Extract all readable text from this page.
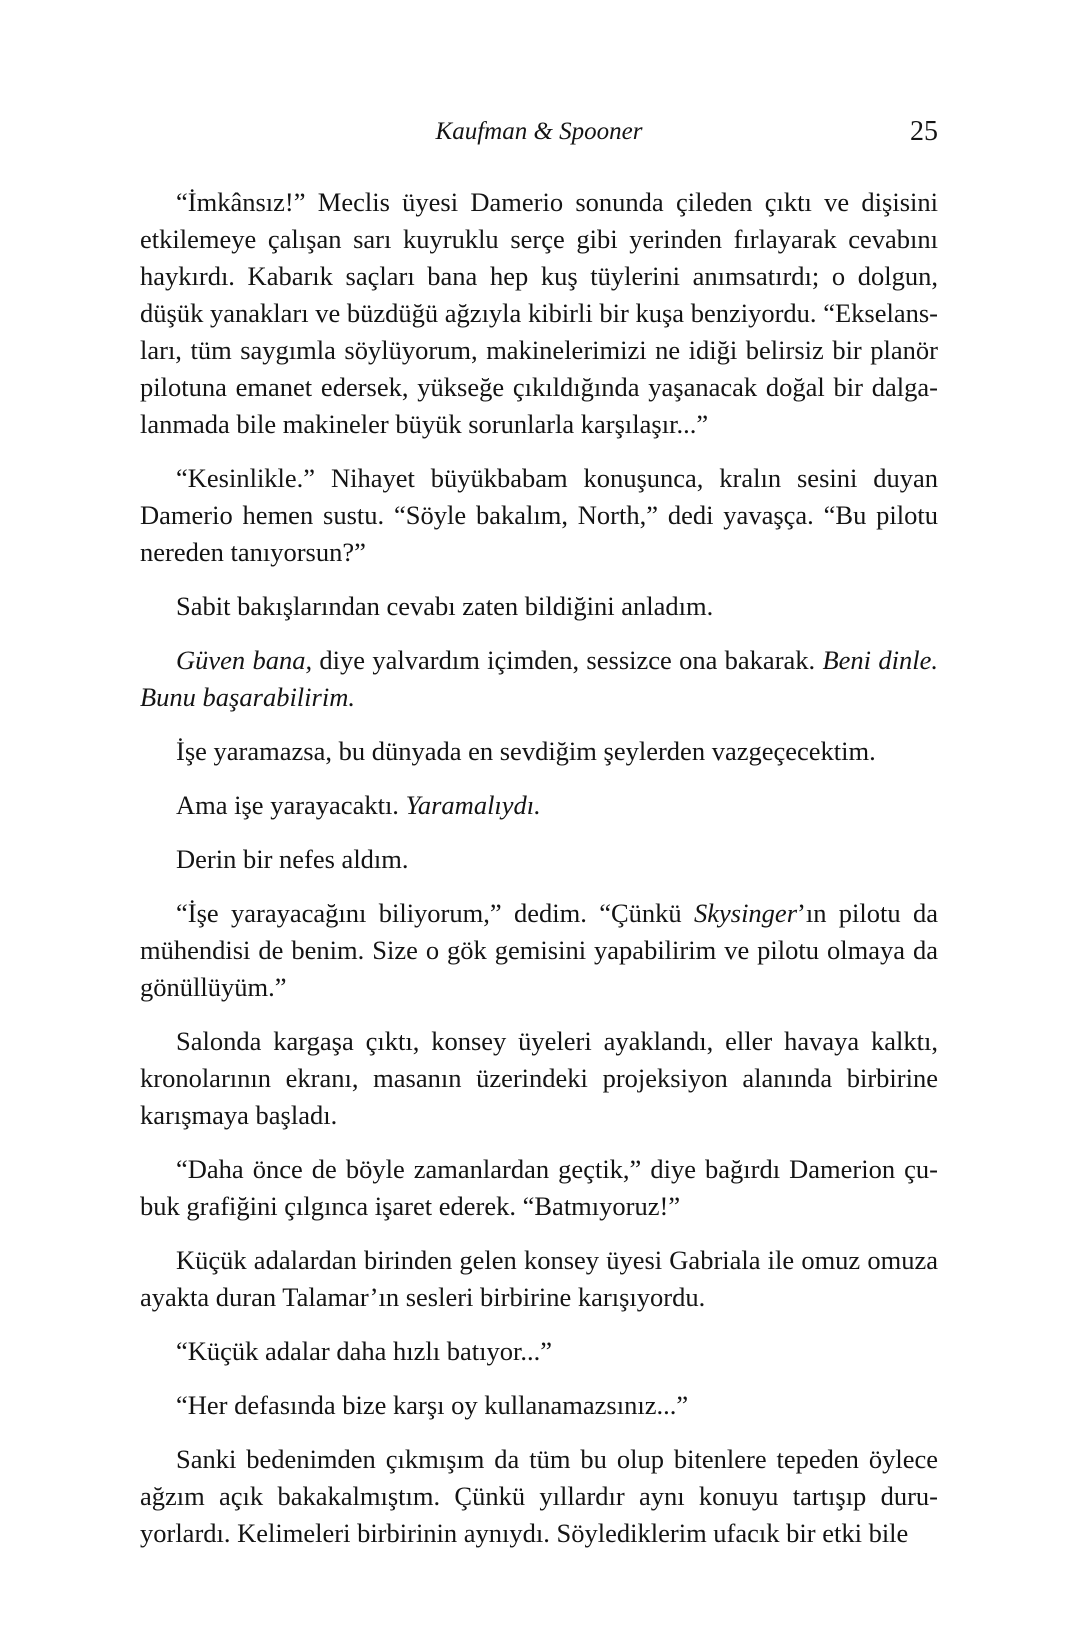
Kaufman & Spooner	25

“İmkânsız!” Meclis üyesi Damerio sonunda çileden çıktı ve dişisini etkilemeye çalışan sarı kuyruklu serçe gibi yerinden fırlayarak cevabını haykırdı. Kabarık saçları bana hep kuş tüylerini anımsatırdı; o dolgun, düşük yanakları ve büzdüğü ağzıyla kibirli bir kuşa benziyordu. “Ekselansları, tüm saygımla söylüyorum, makinelerimizi ne idiği belirsiz bir planör pilotuna emanet edersek, yükseğe çıkıldığında yaşanacak doğal bir dalgalanmada bile makineler büyük sorunlarla karşılaşır...”

“Kesinlikle.” Nihayet büyükbabam konuşunca, kralın sesini duyan Damerio hemen sustu. “Söyle bakalım, North,” dedi yavaşça. “Bu pilotu nereden tanıyorsun?”

Sabit bakışlarından cevabı zaten bildiğini anladım.

Güven bana, diye yalvardım içimden, sessizce ona bakarak. Beni dinle. Bunu başarabilirim.

İşe yaramazsa, bu dünyada en sevdiğim şeylerden vazgeçecektim.

Ama işe yarayacaktı. Yaramalıydı.

Derin bir nefes aldım.

“İşe yarayacağını biliyorum,” dedim. “Çünkü Skysinger’ın pilotu da mühendisi de benim. Size o gök gemisini yapabilirim ve pilotu olmaya da gönüllüyüm.”

Salonda kargaşa çıktı, konsey üyeleri ayaklandı, eller havaya kalktı, kronolarının ekranı, masanın üzerindeki projeksiyon alanında birbirine karışmaya başladı.

“Daha önce de böyle zamanlardan geçtik,” diye bağırdı Damerion çubuk grafiğini çılgınca işaret ederek. “Batmıyoruz!”

Küçük adalardan birinden gelen konsey üyesi Gabriala ile omuz omuza ayakta duran Talamar’ın sesleri birbirine karışıyordu.

“Küçük adalar daha hızlı batıyor...”

“Her defasında bize karşı oy kullanamazsınız...”

Sanki bedenimden çıkmışım da tüm bu olup bitenlere tepeden öylece ağzım açık bakakalmıştım. Çünkü yıllardır aynı konuyu tartışıp duruyorlardı. Kelimeleri birbirinin aynıydı. Söylediklerim ufacık bir etki bile
